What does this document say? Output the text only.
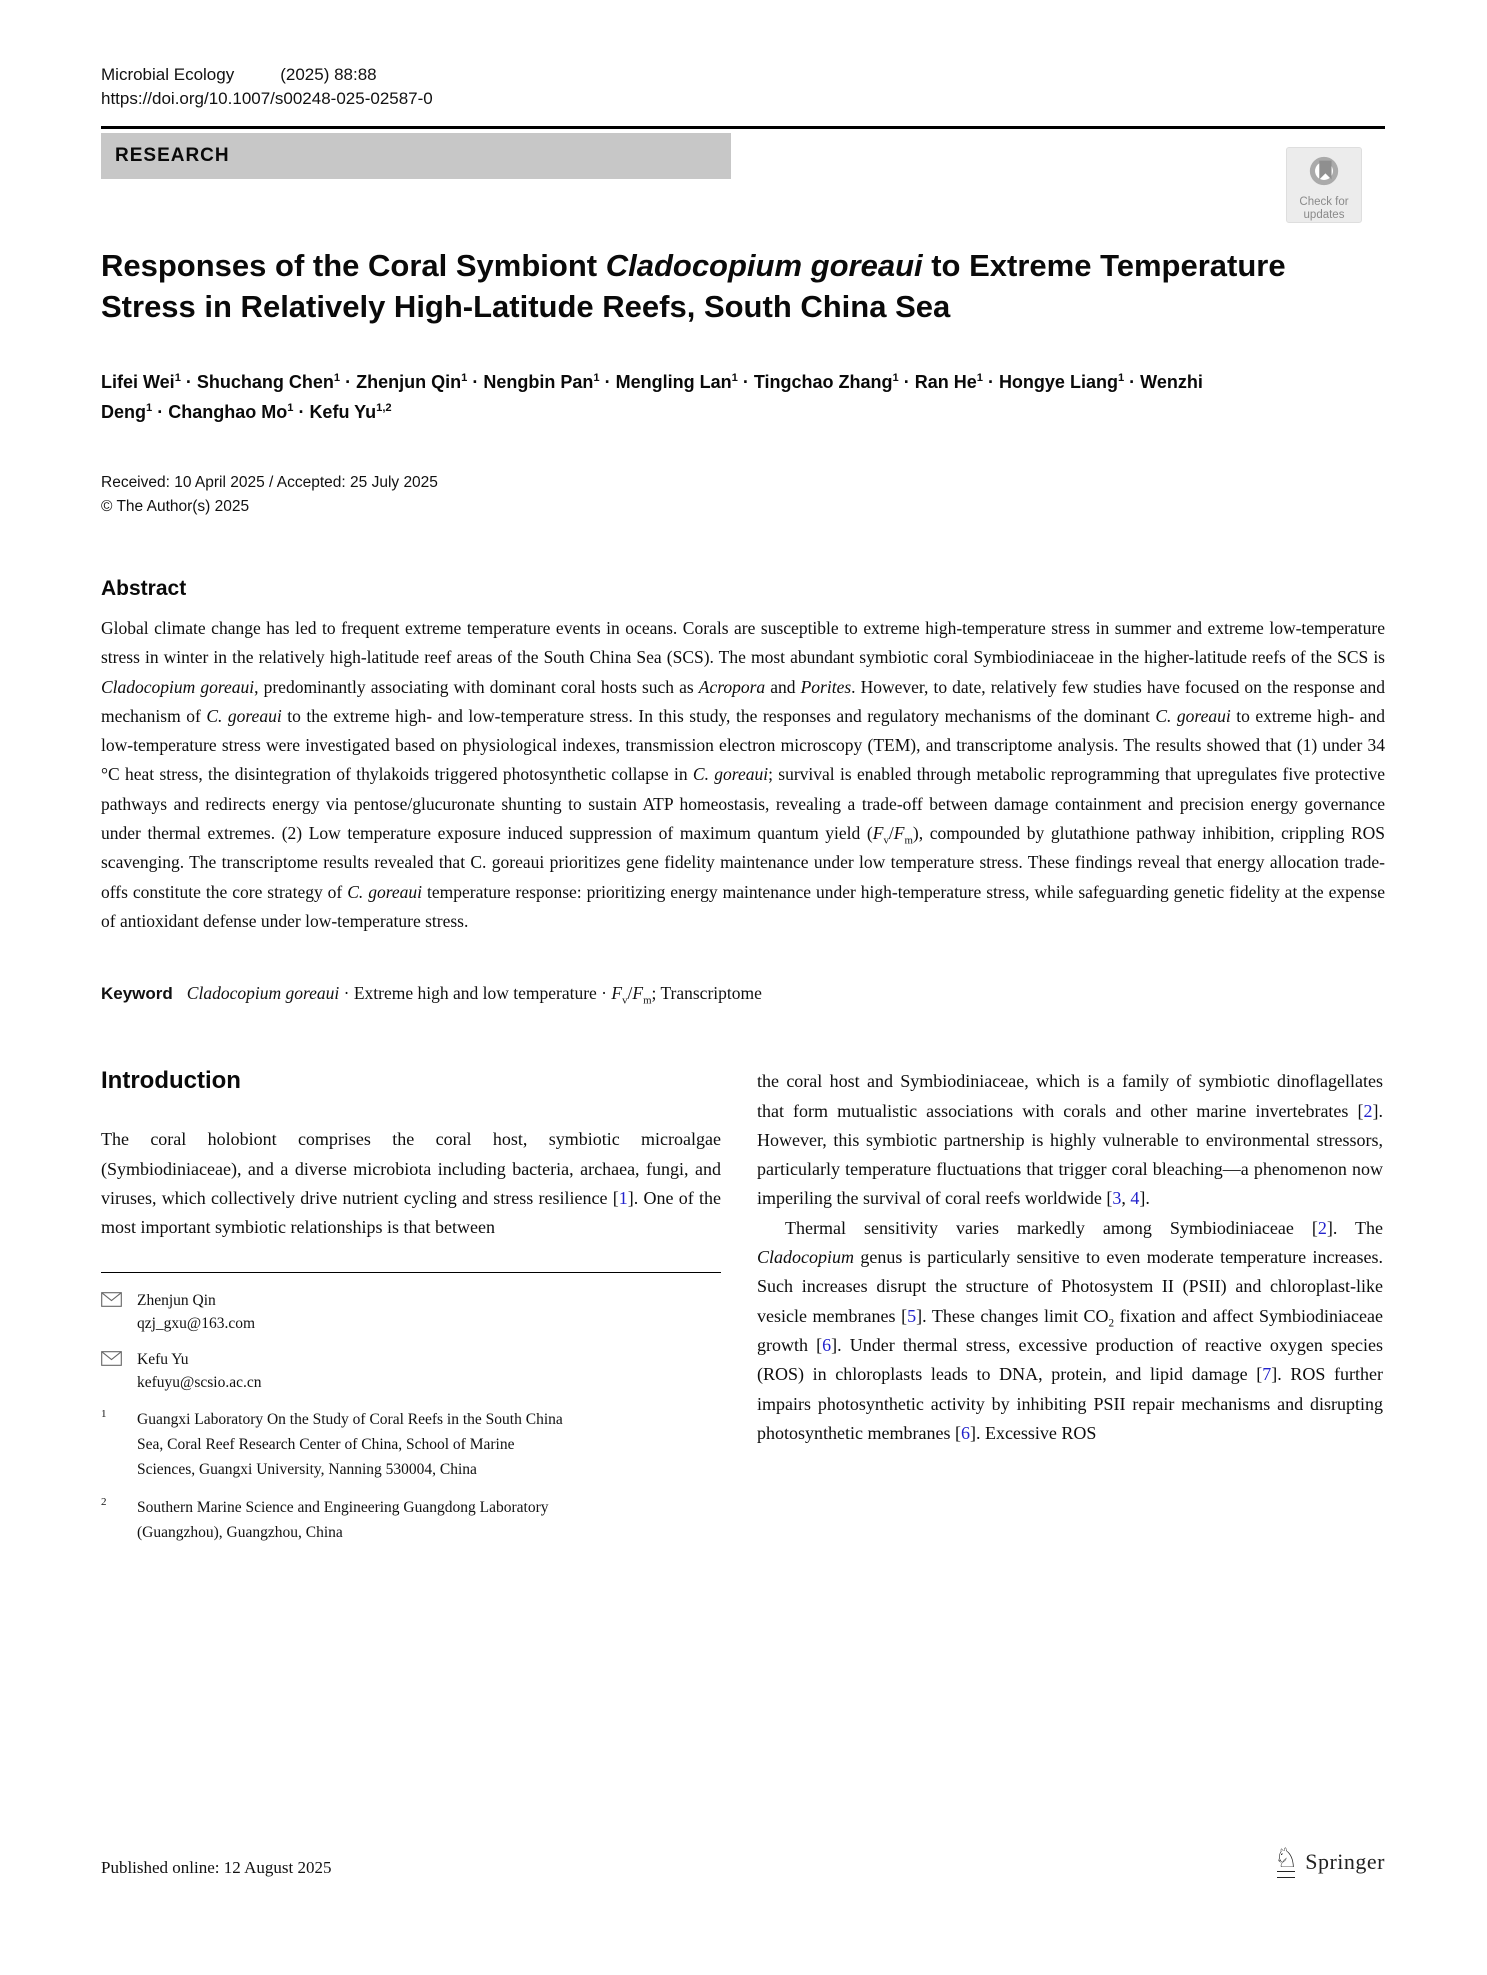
Microbial Ecology	(2025) 88:88
https://doi.org/10.1007/s00248-025-02587-0
RESEARCH
Check for
updates
Responses of the Coral Symbiont Cladocopium goreaui to Extreme Temperature Stress in Relatively High-Latitude Reefs, South China Sea
Lifei Wei$^1$ · Shuchang Chen$^1$ · Zhenjun Qin$^1$ · Nengbin Pan$^1$ · Mengling Lan$^1$ · Tingchao Zhang$^1$ · Ran $He^1$ · Hongye Liang$^1$ · Wenzhi Deng$^1$ · Changhao $Mo^1$ · Kefu Yu$^{1,2}$
Received: 10 April 2025 / Accepted: 25 July 2025
© The Author(s) 2025
Abstract

Global climate change has led to frequent extreme temperature events in oceans. Corals are susceptible to extreme high-temperature stress in summer and extreme low-temperature stress in winter in the relatively high-latitude reef areas of the South China Sea (SCS). The most abundant symbiotic coral Symbiodiniaceae in the higher-latitude reefs of the SCS is Cladocopium goreaui, predominantly associating with dominant coral hosts such as Acropora and Porites. However, to date, relatively few studies have focused on the response and mechanism of C. goreaui to the extreme high- and low-temperature stress. In this study, the responses and regulatory mechanisms of the dominant C. goreaui to extreme high- and low-temperature stress were investigated based on physiological indexes, transmission electron microscopy (TEM), and transcriptome analysis. The results showed that (1) under 34 °C heat stress, the disintegration of thylakoids triggered photosynthetic collapse in C. goreaui; survival is enabled through metabolic reprogramming that upregulates five protective pathways and redirects energy via pentose/glucuronate shunting to sustain ATP homeostasis, revealing a trade-off between damage containment and precision energy governance under thermal extremes. (2) Low temperature exposure induced suppression of maximum quantum yield $(F_v/F_m)$, compounded by glutathione pathway inhibition, crippling ROS scavenging. The transcriptome results revealed that C. goreaui prioritizes gene fidelity maintenance under low temperature stress. These findings reveal that energy allocation trade-offs constitute the core strategy of C. goreaui temperature response: prioritizing energy maintenance under high-temperature stress, while safeguarding genetic fidelity at the expense of antioxidant defense under low-temperature stress.

Keyword Cladocopium goreaui · Extreme high and low temperature · $F_v/F_m$; Transcriptome
Introduction

The coral holobiont comprises the coral host, symbiotic microalgae (Symbiodiniaceae), and a diverse microbiota including bacteria, archaea, fungi, and viruses, which collectively drive nutrient cycling and stress resilience [1]. One of the most important symbiotic relationships is that between

Zhenjun Qin
qzj_gxu@163.com
Kefu Yu
kefuyu@scsio.ac.cn
1	Guangxi Laboratory On the Study of Coral Reefs in the South China Sea, Coral Reef Research Center of China, School of Marine Sciences, Guangxi University, Nanning 530004, China
2	Southern Marine Science and Engineering Guangdong Laboratory (Guangzhou), Guangzhou, China

the coral host and Symbiodiniaceae, which is a family of symbiotic dinoflagellates that form mutualistic associations with corals and other marine invertebrates [2]. However, this symbiotic partnership is highly vulnerable to environmental stressors, particularly temperature fluctuations that trigger coral bleaching—a phenomenon now imperiling the survival of coral reefs worldwide [3, 4].

Thermal sensitivity varies markedly among Symbiodiniaceae [2]. The Cladocopium genus is particularly sensitive to even moderate temperature increases. Such increases disrupt the structure of Photosystem II (PSII) and chloroplast-like vesicle membranes [5]. These changes limit $CO_2$ fixation and affect Symbiodiniaceae growth [6]. Under thermal stress, excessive production of reactive oxygen species (ROS) in chloroplasts leads to DNA, protein, and lipid damage [7]. ROS further impairs photosynthetic activity by inhibiting PSII repair mechanisms and disrupting photosynthetic membranes [6]. Excessive ROS

Published online: 12 August 2025	♘ Springer
